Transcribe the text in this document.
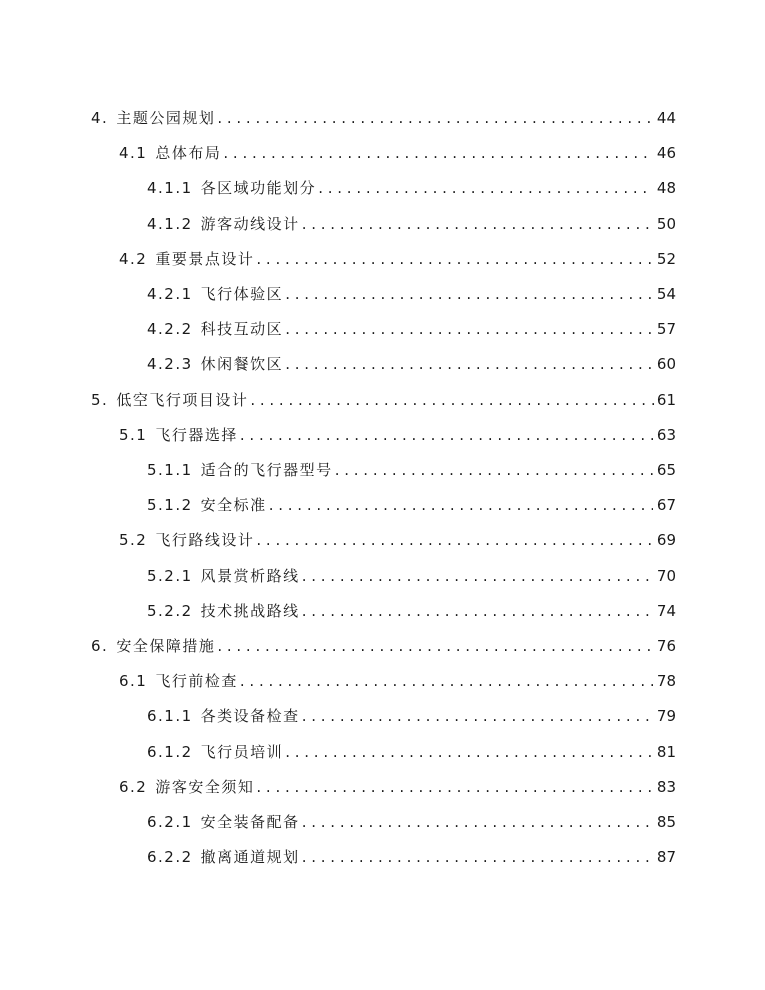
4. 主题公园规划 . . .	44
4.1 总体布局 . . .	46
4.1.1 各区域功能划分 . . .	48
4.1.2 游客动线设计 . . .	50
4.2 重要景点设计 . . .	52
4.2.1 飞行体验区 . . .	54
4.2.2 科技互动区 . . .	57
4.2.3 休闲餐饮区 . . .	60
5. 低空飞行项目设计 . . .	61
5.1 飞行器选择 . . .	63
5.1.1 适合的飞行器型号 . . .	65
5.1.2 安全标准 . . .	67
5.2 飞行路线设计 . . .	69
5.2.1 风景赏析路线 . . .	70
5.2.2 技术挑战路线 . . .	74
6. 安全保障措施 . . .	76
6.1 飞行前检查 . . .	78
6.1.1 各类设备检查 . . .	79
6.1.2 飞行员培训 . . .	81
6.2 游客安全须知 . . .	83
6.2.1 安全装备配备 . . .	85
6.2.2 撤离通道规划 . . .	87
